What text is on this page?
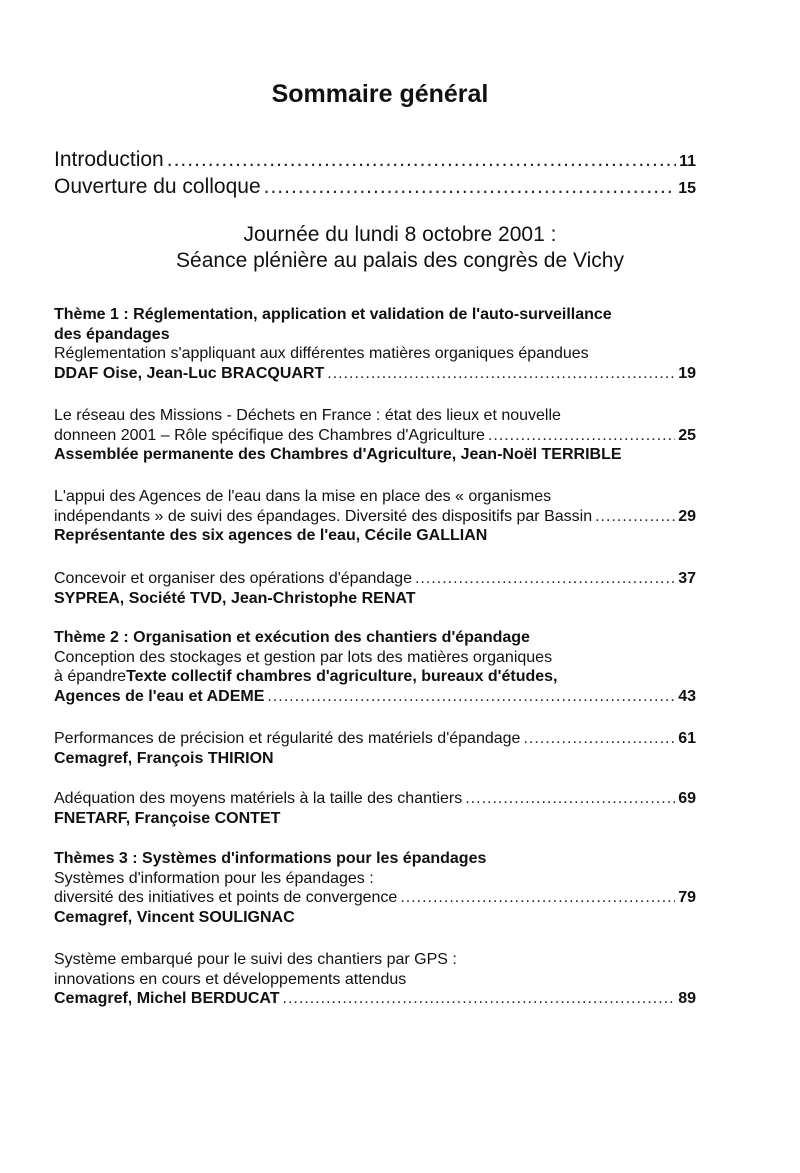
Sommaire général
Introduction .....	11
Ouverture du colloque .....	15
Journée du lundi 8 octobre 2001 :
Séance plénière au palais des congrès de Vichy
Thème 1 : Réglementation, application et validation de l'auto-surveillance
des épandages
Réglementation s'appliquant aux différentes matières organiques épandues
DDAF Oise, Jean-Luc BRACQUART .....	19
Le réseau des Missions - Déchets en France : état des lieux et nouvelle
donneen 2001 – Rôle spécifique des Chambres d'Agriculture .....	25
Assemblée permanente des Chambres d'Agriculture, Jean-Noël TERRIBLE
L'appui des Agences de l'eau dans la mise en place des « organismes
indépendants » de suivi des épandages. Diversité des dispositifs par Bassin .....	29
Représentante des six agences de l'eau, Cécile GALLIAN
Concevoir et organiser des opérations d'épandage .....	37
SYPREA, Société TVD, Jean-Christophe RENAT
Thème 2 : Organisation et exécution des chantiers d'épandage
Conception des stockages et gestion par lots des matières organiques
à épandreTexte collectif chambres d'agriculture, bureaux d'études,
Agences de l'eau et ADEME .....	43
Performances de précision et régularité des matériels d'épandage .....	61
Cemagref, François THIRION
Adéquation des moyens matériels à la taille des chantiers .....	69
FNETARF, Françoise CONTET
Thèmes 3 : Systèmes d'informations pour les épandages
Systèmes d'information pour les épandages :
diversité des initiatives et points de convergence .....	79
Cemagref, Vincent SOULIGNAC
Système embarqué pour le suivi des chantiers par GPS :
innovations en cours et développements attendus
Cemagref, Michel BERDUCAT .....	89
